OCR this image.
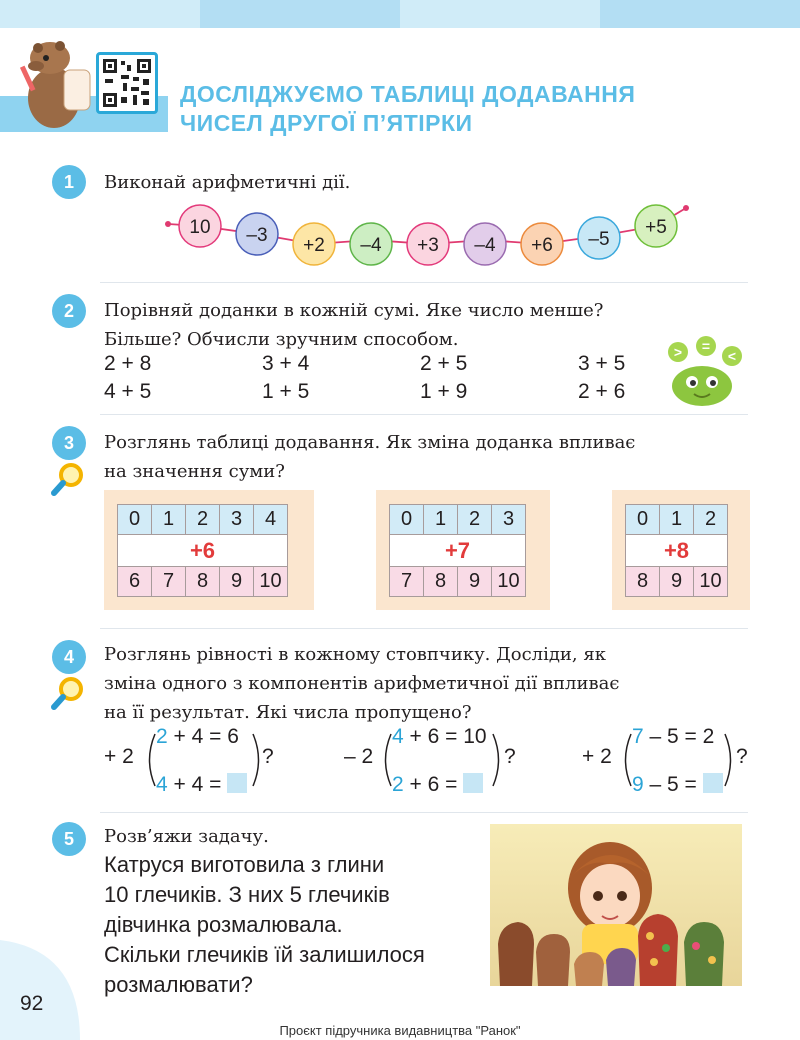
ДОСЛІДЖУЄМО ТАБЛИЦІ ДОДАВАННЯ
ЧИСЕЛ ДРУГОЇ П’ЯТІРКИ
1	Виконай арифметичні дії.
10 –3 +2 –4 +3 –4 +6 –5
+5
2	Порівняй доданки в кожній сумі. Яке число менше?
Більше? Обчисли зручним способом.
2 + 8	3 + 4	2 + 5	3 + 5
4 + 5	1 + 5	1 + 9	2 + 6
> =
<
3	Розглянь таблиці додавання. Як зміна доданка впливає
на значення суми?
0	1	2	3	4
+6
6	7	8	9 10
0	1	2	3
+7
7	8	9 10
0	1	2
+8
8	9 10
4	Розглянь рівності в кожному стовпчику. Досліди, як
зміна одного з компонентів арифметичної дії впливає
на її результат. Які числа пропущено?
+ 2
2 + 4 = 6
4 + 4 =
?	– 2
4 + 6 = 10
2 + 6 =
?	+ 2
7 – 5 = 2
9 – 5 =
?
5	Розв’яжи задачу.
Катруся виготовила з глини
10 глечиків. З них 5 глечиків
дівчинка розмалювала.
Скільки глечиків їй залишилося
розмалювати?
92
Проєкт підручника видавництва "Ранок"
